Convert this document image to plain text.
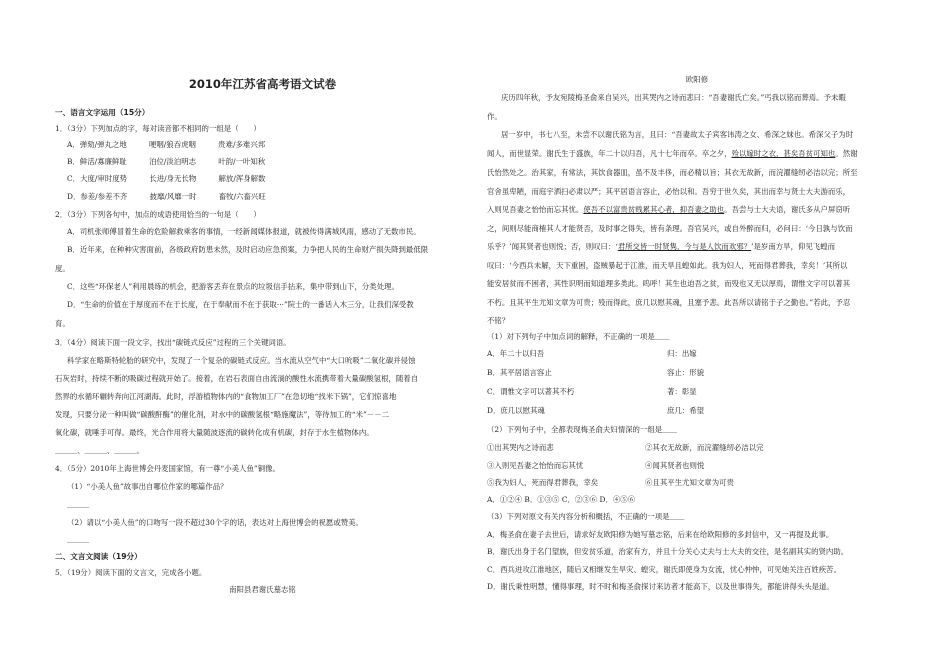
2010年江苏省高考语文试卷
一、语言文字运用（15分）
1．（3分）下列加点的字，每对读音都不相同的一组是（　　）
A．弹劾/弹丸之地　　　哽咽/狼吞虎咽　　　贵难/多难兴邦
B．鲜活/寡廉鲜耻　　　泊位/淡泊明志　　　叶韵/一叶知秋
C．大度/审时度势　　　长进/身无长物　　　解放/浑身解数
D．参差/参差不齐　　　披靡/风靡一时　　　畜牧/六畜兴旺
2．（3分）下列各句中，加点的成语使用恰当的一句是（　　）
A．司机张师傅冒着生命的危险解救乘客的事情，一经新闻媒体报道，就被传得满城风雨，感动了无数市民。
B．近年来，在种种灾害面前，各级政府防患未然，及时启动应急预案，力争把人民的生命财产损失降到最低限
度。
C．这些“环保老人”利用晨练的机会，把游客丢弃在景点的垃圾信手拈来，集中带到山下，分类处理。
D．“生命的价值在于厚度而不在于长度，在于奉献而不在于获取···”院士的一番话入木三分，让我们深受教
育。
3．（4分）阅读下面一段文字，找出“碳链式反应”过程的三个关键词语。
科学家在略斯特轮胎的研究中，发现了一个复杂的碳链式反应。当水流从空气中“大口吮吸”二氧化碳并侵蚀
石灰岩时，持续不断的吸碳过程就开始了。接着，在岩石表面自由流淌的酸性水流携带着大量碳酸氢根，随着自
然界的水循环辗转奔向江河湖海。此时，浮游植物体内的“食物加工厂”在急切地“找米下锅”，它们惊喜地
发现，只要分泌一种叫做“碳酸酐酶”的催化剂，对水中的碳酸氢根“略施魔法”，等待加工的“米”－－二
氧化碳，就唾手可得。最终，光合作用将大量随波逐流的碳转化成有机碳，封存于水生植物体内。
＿＿＿、＿＿＿、＿＿＿。
4．（5分）2010年上海世博会丹麦国家馆，有一尊“小美人鱼”铜像。
（1）“小美人鱼”故事出自哪位作家的哪篇作品？
＿＿＿
（2）请以“小美人鱼”的口吻写一段不超过30个字的话，表达对上海世博会的祝愿或赞美。
＿＿＿
二、文言文阅读（19分）
5．（19分）阅读下面的文言文，完成各小题。
南阳县君谢氏墓志铭
欧阳修
庆历四年秋，予友宛陵梅圣俞来自吴兴，出其哭内之诗而悲曰：“吾妻谢氏亡矣。”丐我以铭而葬焉。予未暇
作。
居一岁中，书七八至，未尝不以谢氏铭为言，且曰：“吾妻故太子宾客讳涛之女、希深之妹也。希深父子为时
闻人，而世显荣。谢氏生于盛族，年二十以归吾，凡十七年而卒。卒之夕，殓以嫁时之衣，甚矣吾贫可知也。然谢
氏怡然处之。治其家，有常法，其饮食器皿，虽不及丰侈，而必精以旨；其衣无故新，而浣濯缝纫必洁以完；所至
官舍虽卑陋，而庭宇洒扫必肃以严；其平居语言容止，必怡以和。吾穷于世久矣，其出而幸与贤士大夫游而乐，
入则见吾妻之怡怡而忘其忧。使吾不以富贵贫贱累其心者，抑吾妻之助也。吾尝与士大夫语，谢氏多从户屏窃听
之，间则尽能商榷其人才能贤否，及时事之得失，皆有条理。吾官吴兴，或自外醉而归，必问曰：‘今日孰与饮而
乐乎？’闻其贤者也则悦；否，则叹曰：‘君所交皆一时贤隽，今与是人饮而欢邪？’是岁南方旱，仰见飞蝗而
叹曰：‘今西兵未解，天下重困，盗贼暴起于江淮，而天旱且蝗如此。我为妇人，死而得君葬我，幸矣！’其所以
能安居贫而不困者，其性识明而知道理多类此。呜呼！其生也迫吾之贫，而殁也又无以厚焉，谓惟文字可以著其
不朽。且其平生尤知文章为可贵；殁而得此，庶几以慰其魂，且塞予悲。此吾所以请铭于子之勤也。”若此，予忍
不铭？
（1）对下列句子中加点词的解释，不正确的一项是＿＿
A．年二十以归吾	归：出嫁
B．其平居语言容止	容止：形貌
C．谓惟文字可以著其不朽	著：彰显
D．庶几以慰其魂	庶几：希望
（2）下列句子中，全都表现梅圣俞夫妇情深的一组是＿＿
①出其哭内之诗而悲	②其衣无故新，而浣濯缝纫必洁以完
③入则见吾妻之怡怡而忘其忧	④闻其贤者也则悦
⑤我为妇人，死而得君葬我，幸矣	⑥且其平生尤知文章为可贵
A．①②④ B．①③⑤ C．②③⑥ D．④⑤⑥
（3）下列对原文有关内容分析和概括，不正确的一项是＿＿
A．梅圣俞在妻子去世后，请求好友欧阳修为她写墓志铭，后来在给欧阳修的多封信中，又一再提及此事。
B．谢氏出身于名门望族，但安贫乐道，治家有方，并且十分关心丈夫与士大夫的交往，是名副其实的贤内助。
C．西兵进攻江淮地区，随后又相继发生旱灾、蝗灾，谢氏即使身为女流，忧心忡忡，可见她关注百姓疾苦。
D．谢氏秉性明慧，懂得事理，时不时和梅圣俞探讨来访者才能高下，以及世事得失，都能讲得头头是道。
